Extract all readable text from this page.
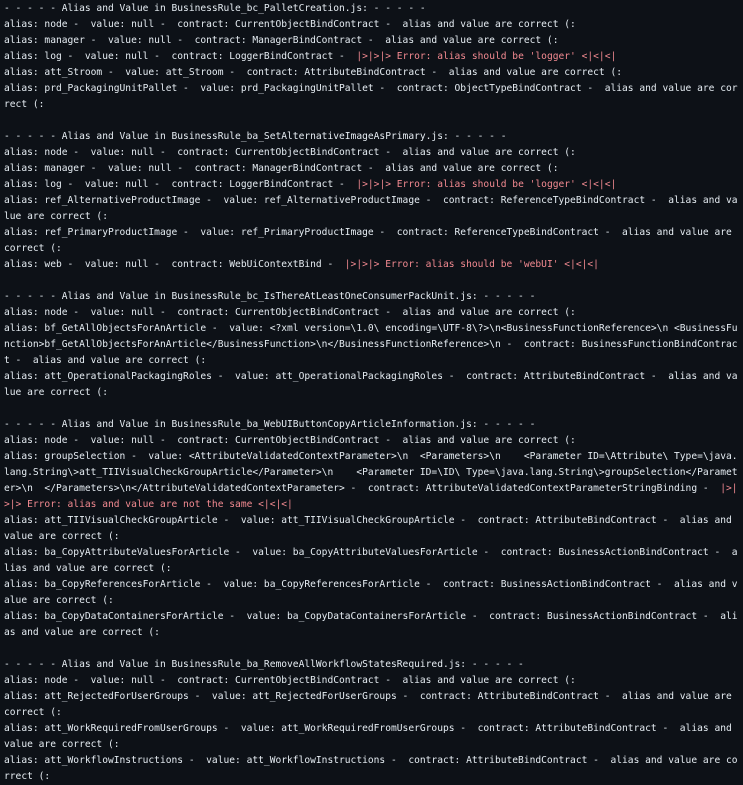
- - - - - Alias and Value in BusinessRule_bc_PalletCreation.js: - - - - -
alias: node -  value: null -  contract: CurrentObjectBindContract -  alias and value are correct (:
alias: manager -  value: null -  contract: ManagerBindContract -  alias and value are correct (:
alias: log -  value: null -  contract: LoggerBindContract -  |>|>|> Error: alias should be 'logger' <|<|<|
alias: att_Stroom -  value: att_Stroom -  contract: AttributeBindContract -  alias and value are correct (:
alias: prd_PackagingUnitPallet -  value: prd_PackagingUnitPallet -  contract: ObjectTypeBindContract -  alias and value are correct (:
- - - - - Alias and Value in BusinessRule_ba_SetAlternativeImageAsPrimary.js: - - - - -
alias: node -  value: null -  contract: CurrentObjectBindContract -  alias and value are correct (:
alias: manager -  value: null -  contract: ManagerBindContract -  alias and value are correct (:
alias: log -  value: null -  contract: LoggerBindContract -  |>|>|> Error: alias should be 'logger' <|<|<|
alias: ref_AlternativeProductImage -  value: ref_AlternativeProductImage -  contract: ReferenceTypeBindContract -  alias and value are correct (:
alias: ref_PrimaryProductImage -  value: ref_PrimaryProductImage -  contract: ReferenceTypeBindContract -  alias and value are correct (:
alias: web -  value: null -  contract: WebUiContextBind -  |>|>|> Error: alias should be 'webUI' <|<|<|
- - - - - Alias and Value in BusinessRule_bc_IsThereAtLeastOneConsumerPackUnit.js: - - - - -
alias: node -  value: null -  contract: CurrentObjectBindContract -  alias and value are correct (:
alias: bf_GetAllObjectsForAnArticle -  value: <?xml version=\1.0\ encoding=\UTF-8\?>\n<BusinessFunctionReference>\n <BusinessFunction>bf_GetAllObjectsForAnArticle</BusinessFunction>\n</BusinessFunctionReference>\n -  contract: BusinessFunctionBindContract -  alias and value are correct (:
alias: att_OperationalPackagingRoles -  value: att_OperationalPackagingRoles -  contract: AttributeBindContract -  alias and value are correct (:
- - - - - Alias and Value in BusinessRule_ba_WebUIButtonCopyArticleInformation.js: - - - - -
alias: node -  value: null -  contract: CurrentObjectBindContract -  alias and value are correct (:
alias: groupSelection -  value: <AttributeValidatedContextParameter>\n  <Parameters>\n    <Parameter ID=\Attribute\ Type=\java.lang.String\>att_TIIVisualCheckGroupArticle</Parameter>\n    <Parameter ID=\ID\ Type=\java.lang.String\>groupSelection</Parameter>\n  </Parameters>\n</AttributeValidatedContextParameter> -  contract: AttributeValidatedContextParameterStringBinding -  |>|>|> Error: alias and value are not the same <|<|<|
alias: att_TIIVisualCheckGroupArticle -  value: att_TIIVisualCheckGroupArticle -  contract: AttributeBindContract -  alias and value are correct (:
alias: ba_CopyAttributeValuesForArticle -  value: ba_CopyAttributeValuesForArticle -  contract: BusinessActionBindContract -  alias and value are correct (:
alias: ba_CopyReferencesForArticle -  value: ba_CopyReferencesForArticle -  contract: BusinessActionBindContract -  alias and value are correct (:
alias: ba_CopyDataContainersForArticle -  value: ba_CopyDataContainersForArticle -  contract: BusinessActionBindContract -  alias and value are correct (:
- - - - - Alias and Value in BusinessRule_ba_RemoveAllWorkflowStatesRequired.js: - - - - -
alias: node -  value: null -  contract: CurrentObjectBindContract -  alias and value are correct (:
alias: att_RejectedForUserGroups -  value: att_RejectedForUserGroups -  contract: AttributeBindContract -  alias and value are correct (:
alias: att_WorkRequiredFromUserGroups -  value: att_WorkRequiredFromUserGroups -  contract: AttributeBindContract -  alias and value are correct (:
alias: att_WorkflowInstructions -  value: att_WorkflowInstructions -  contract: AttributeBindContract -  alias and value are correct (:
